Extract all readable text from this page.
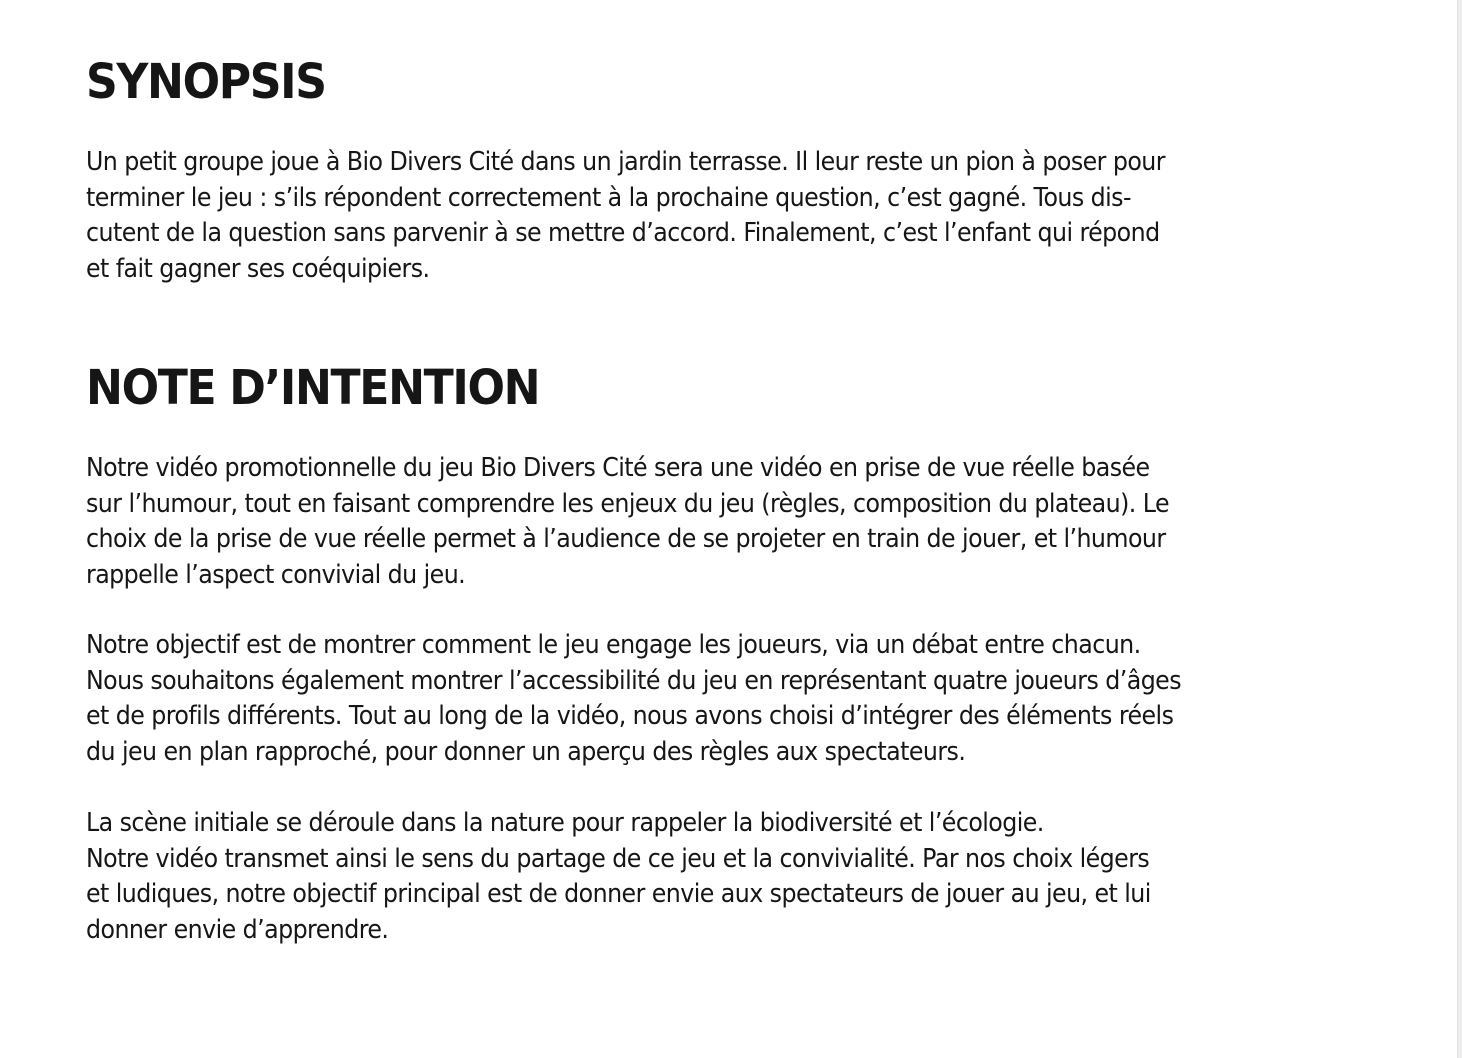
SYNOPSIS

Un petit groupe joue à Bio Divers Cité dans un jardin terrasse. Il leur reste un pion à poser pour
terminer le jeu : s’ils répondent correctement à la prochaine question, c’est gagné. Tous dis-
cutent de la question sans parvenir à se mettre d’accord. Finalement, c’est l’enfant qui répond
et fait gagner ses coéquipiers.

NOTE D’INTENTION

Notre vidéo promotionnelle du jeu Bio Divers Cité sera une vidéo en prise de vue réelle basée
sur l’humour, tout en faisant comprendre les enjeux du jeu (règles, composition du plateau). Le
choix de la prise de vue réelle permet à l’audience de se projeter en train de jouer, et l’humour
rappelle l’aspect convivial du jeu.

Notre objectif est de montrer comment le jeu engage les joueurs, via un débat entre chacun.
Nous souhaitons également montrer l’accessibilité du jeu en représentant quatre joueurs d’âges
et de profils différents. Tout au long de la vidéo, nous avons choisi d’intégrer des éléments réels
du jeu en plan rapproché, pour donner un aperçu des règles aux spectateurs.

La scène initiale se déroule dans la nature pour rappeler la biodiversité et l’écologie.
Notre vidéo transmet ainsi le sens du partage de ce jeu et la convivialité. Par nos choix légers
et ludiques, notre objectif principal est de donner envie aux spectateurs de jouer au jeu, et lui
donner envie d’apprendre.
